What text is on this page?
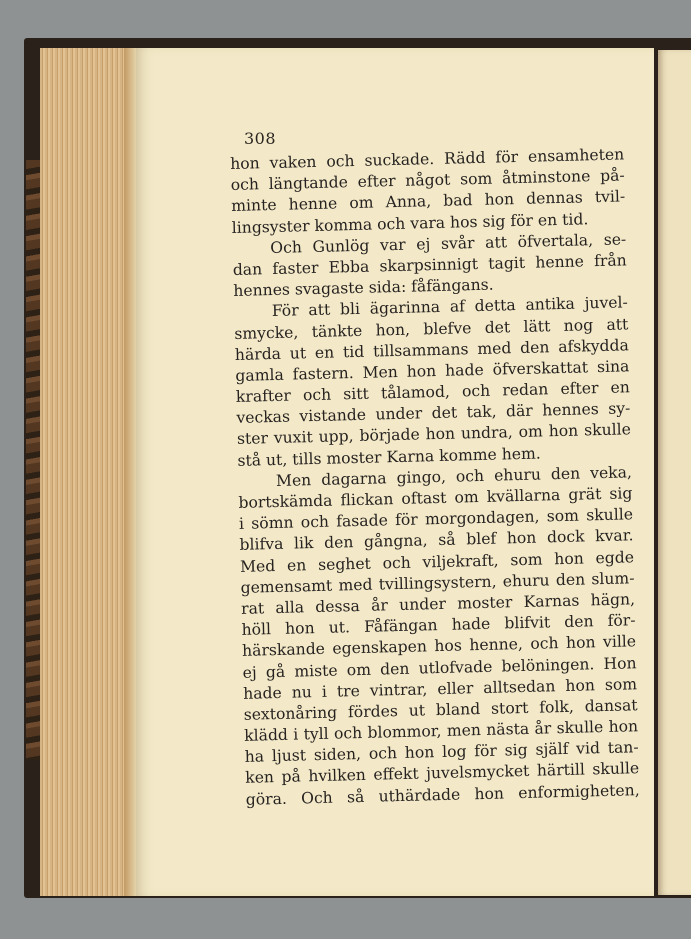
308
hon vaken och suckade. Rädd för ensamheten
och längtande efter något som åtminstone på-
minte henne om Anna, bad hon dennas tvil-
lingsyster komma och vara hos sig för en tid.
Och Gunlög var ej svår att öfvertala, se-
dan faster Ebba skarpsinnigt tagit henne från
hennes svagaste sida: fåfängans.
För att bli ägarinna af detta antika juvel-
smycke, tänkte hon, blefve det lätt nog att
härda ut en tid tillsammans med den afskydda
gamla fastern. Men hon hade öfverskattat sina
krafter och sitt tålamod, och redan efter en
veckas vistande under det tak, där hennes sy-
ster vuxit upp, började hon undra, om hon skulle
stå ut, tills moster Karna komme hem.
Men dagarna gingo, och ehuru den veka,
bortskämda flickan oftast om kvällarna grät sig
i sömn och fasade för morgondagen, som skulle
blifva lik den gångna, så blef hon dock kvar.
Med en seghet och viljekraft, som hon egde
gemensamt med tvillingsystern, ehuru den slum-
rat alla dessa år under moster Karnas hägn,
höll hon ut. Fåfängan hade blifvit den för-
härskande egenskapen hos henne, och hon ville
ej gå miste om den utlofvade belöningen. Hon
hade nu i tre vintrar, eller alltsedan hon som
sextonåring fördes ut bland stort folk, dansat
klädd i tyll och blommor, men nästa år skulle hon
ha ljust siden, och hon log för sig själf vid tan-
ken på hvilken effekt juvelsmycket härtill skulle
göra. Och så uthärdade hon enformigheten,
